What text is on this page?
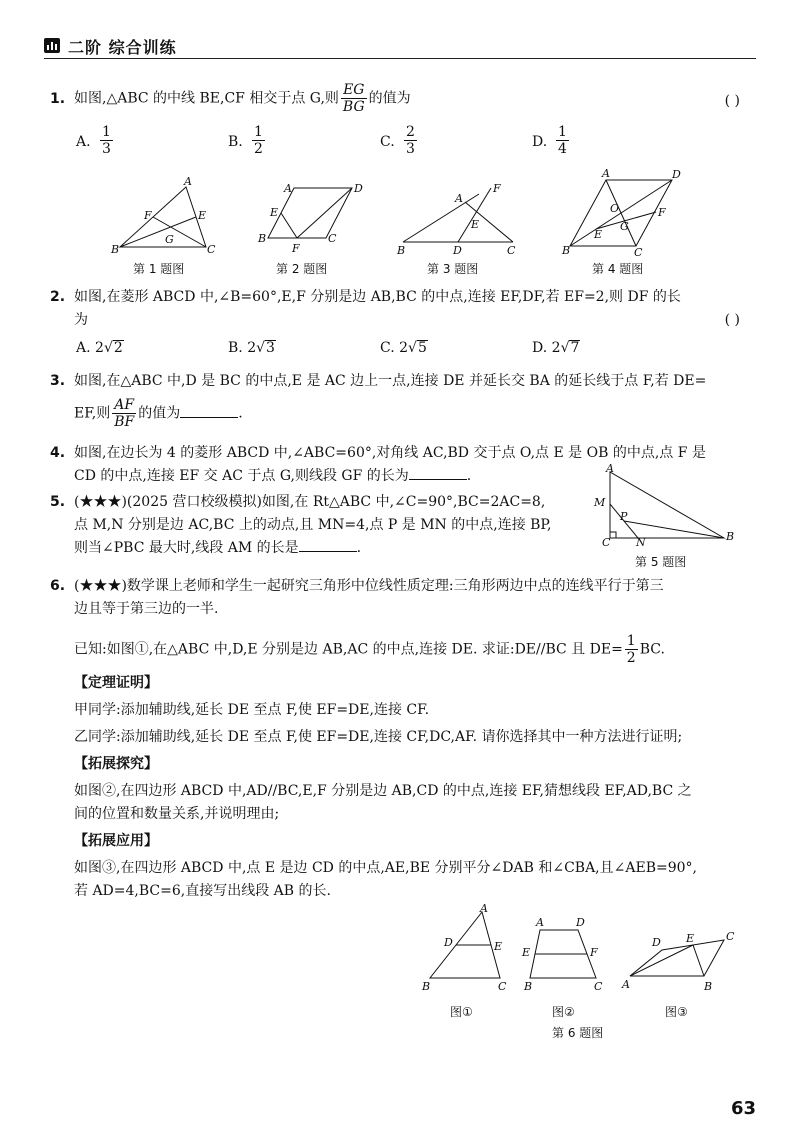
二阶 综合训练
1. 如图,△ABC 的中线 BE,CF 相交于点 G,则 $\frac{EG}{BG}$ 的值为	( )
A. $\frac{1}{3}$	B. $\frac{1}{2}$	C. $\frac{2}{3}$	D. $\frac{1}{4}$
A
B	C
E
F
G
A	D
B	C
E
F
A
F
E
B	D	C
A	D
B	C
O	F
E
G
第 1 题图	第 2 题图	第 3 题图	第 4 题图
2. 如图,在菱形 ABCD 中,∠B=60°,E,F 分别是边 AB,BC 的中点,连接 EF,DF,若 EF=2,则 DF 的长
为	( )
A. 2√2	B. 2√3	C. 2√5	D. 2√7
3. 如图,在△ABC 中,D 是 BC 的中点,E 是 AC 边上一点,连接 DE 并延长交 BA 的延长线于点 F,若 DE=
EF,则 $\frac{AF}{BF}$ 的值为	.
4. 如图,在边长为 4 的菱形 ABCD 中,∠ABC=60°,对角线 AC,BD 交于点 O,点 E 是 OB 的中点,点 F 是
CD 的中点,连接 EF 交 AC 于点 G,则线段 GF 的长为	.
5. (★★★)(2025 营口校级模拟)如图,在 Rt△ABC 中,∠C=90°,BC=2AC=8,
点 M,N 分别是边 AC,BC 上的动点,且 MN=4,点 P 是 MN 的中点,连接 BP,
则当∠PBC 最大时,线段 AM 的长是	.
A
M
P
C N	B
第 5 题图
6. (★★★)数学课上老师和学生一起研究三角形中位线性质定理:三角形两边中点的连线平行于第三
边且等于第三边的一半.
已知:如图①,在△ABC 中,D,E 分别是边 AB,AC 的中点,连接 DE. 求证:DE//BC 且 $DE= \frac{1}{2}$ BC.
【定理证明】
甲同学:添加辅助线,延长 DE 至点 F,使 EF=DE,连接 CF.
乙同学:添加辅助线,延长 DE 至点 F,使 EF=DE,连接 CF,DC,AF. 请你选择其中一种方法进行证明;
【拓展探究】
如图②,在四边形 ABCD 中,AD//BC,E,F 分别是边 AB,CD 的中点,连接 EF,猜想线段 EF,AD,BC 之
间的位置和数量关系,并说明理由;
【拓展应用】
如图③,在四边形 ABCD 中,点 E 是边 CD 的中点,AE,BE 分别平分∠DAB 和∠CBA,且∠AEB=90°,
若 AD=4,BC=6,直接写出线段 AB 的长.
A
D	E
B	C
A	D
E	F
B	C
D E	C
A	B
图①	图②	图③
第 6 题图
63
